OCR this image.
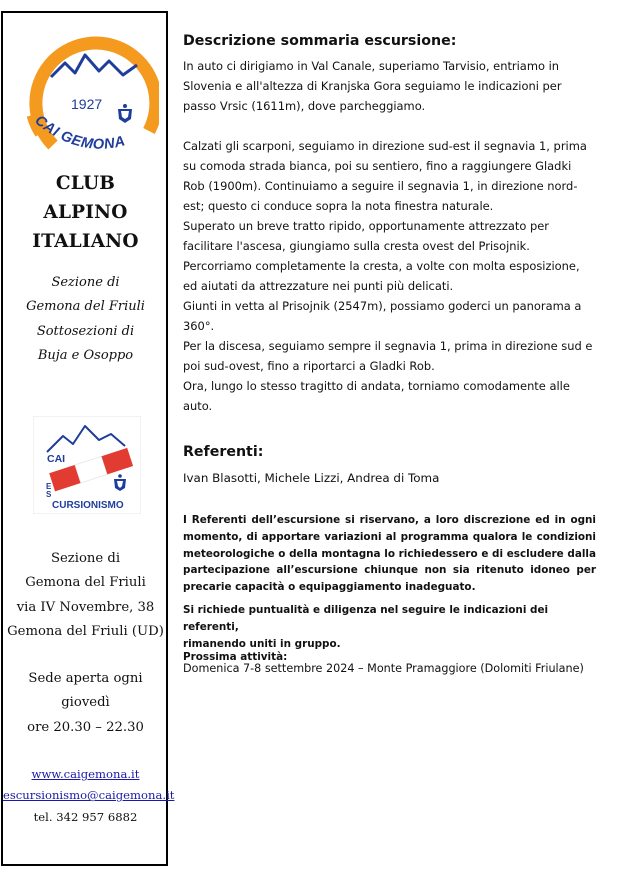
1927
CAI GEMONA
CLUB
ALPINO
ITALIANO
Sezione di
Gemona del Friuli
Sottosezioni di
Buja e Osoppo
CAI
E
S
CURSIONISMO
Sezione di
Gemona del Friuli
via IV Novembre, 38
Gemona del Friuli (UD)
Sede aperta ogni
giovedì
ore 20.30 – 22.30
www.caigemona.it
escursionismo@caigemona.it
tel. 342 957 6882
Descrizione sommaria escursione:

In auto ci dirigiamo in Val Canale, superiamo Tarvisio, entriamo in

Slovenia e all'altezza di Kranjska Gora seguiamo le indicazioni per

passo Vrsic (1611m), dove parcheggiamo.

Calzati gli scarponi, seguiamo in direzione sud-est il segnavia 1, prima

su comoda strada bianca, poi su sentiero, fino a raggiungere Gladki

Rob (1900m). Continuiamo a seguire il segnavia 1, in direzione nord-

est; questo ci conduce sopra la nota finestra naturale.

Superato un breve tratto ripido, opportunamente attrezzato per

facilitare l'ascesa, giungiamo sulla cresta ovest del Prisojnik.

Percorriamo completamente la cresta, a volte con molta esposizione,

ed aiutati da attrezzature nei punti più delicati.

Giunti in vetta al Prisojnik (2547m), possiamo goderci un panorama a

360°.

Per la discesa, seguiamo sempre il segnavia 1, prima in direzione sud e

poi sud-ovest, fino a riportarci a Gladki Rob.

Ora, lungo lo stesso tragitto di andata, torniamo comodamente alle

auto.

Referenti:
Ivan Blasotti, Michele Lizzi, Andrea di Toma
I Referenti dell’escursione si riservano, a loro discrezione ed in ogni momento, di apportare variazioni al programma qualora le condizioni meteorologiche o della montagna lo richiedessero e di escludere dalla partecipazione all’escursione chiunque non sia ritenuto idoneo per precarie capacità o equipaggiamento inadeguato.
Si richiede puntualità e diligenza nel seguire le indicazioni dei referenti,
rimanendo uniti in gruppo.
Prossima attività:
Domenica 7-8 settembre 2024 – Monte Pramaggiore (Dolomiti Friulane)
